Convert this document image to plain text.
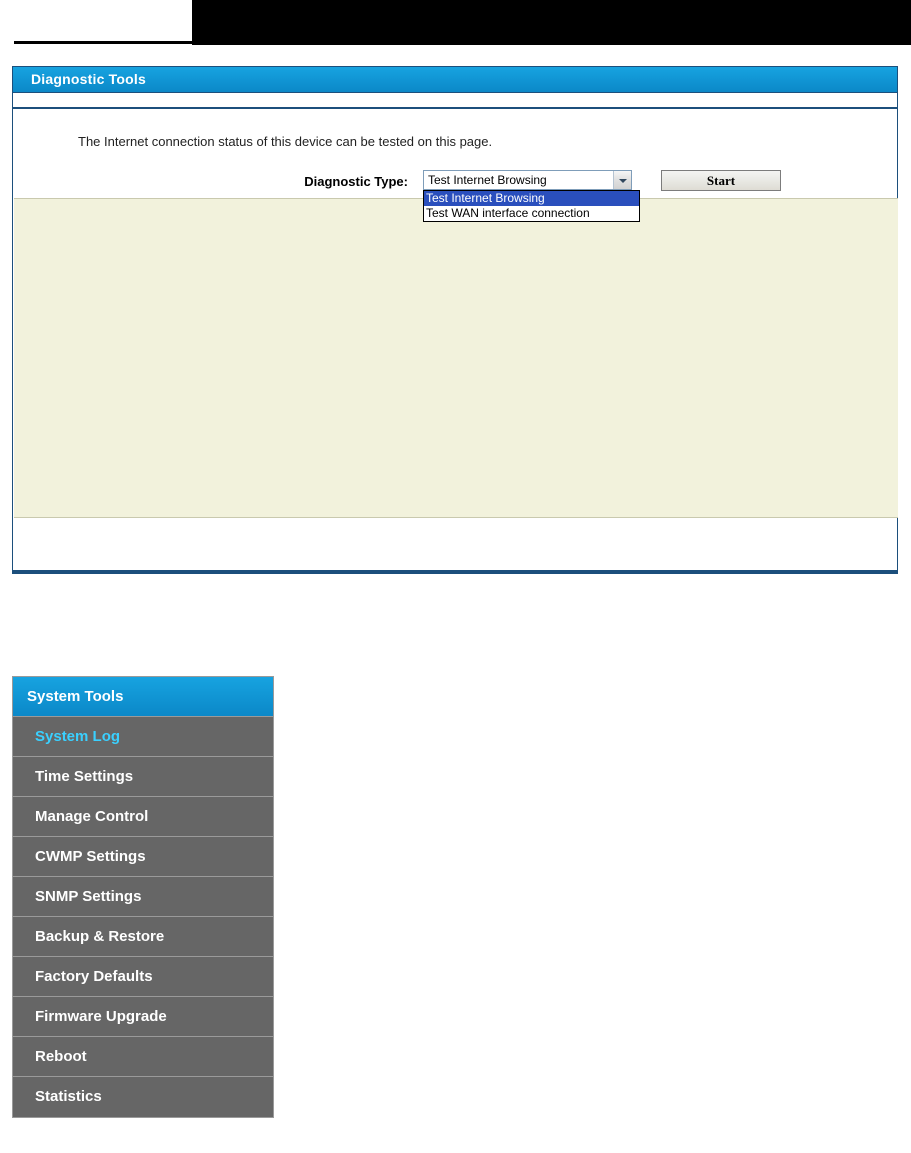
Diagnostic Tools
The Internet connection status of this device can be tested on this page.
Diagnostic Type: Test Internet Browsing
Test Internet Browsing
Test WAN interface connection
Start
System Tools
System Log
Time Settings
Manage Control
CWMP Settings
SNMP Settings
Backup & Restore
Factory Defaults
Firmware Upgrade
Reboot
Statistics
